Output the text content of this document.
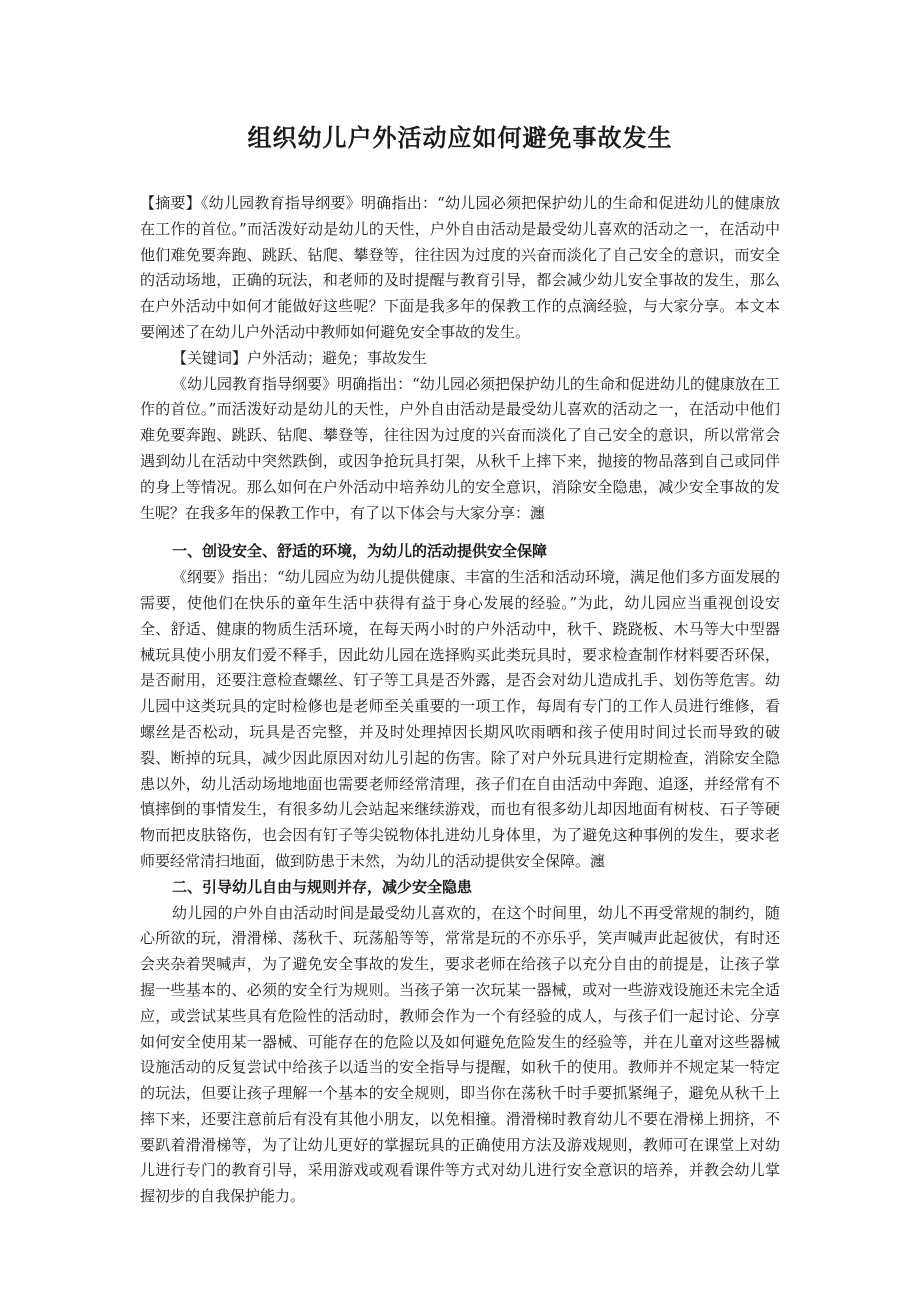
组织幼儿户外活动应如何避免事故发生

【摘要】《幼儿园教育指导纲要》明确指出：“幼儿园必须把保护幼儿的生命和促进幼儿的健康放在工作的首位。”而活泼好动是幼儿的天性，户外自由活动是最受幼儿喜欢的活动之一，在活动中他们难免要奔跑、跳跃、钻爬、攀登等，往往因为过度的兴奋而淡化了自己安全的意识，而安全的活动场地，正确的玩法，和老师的及时提醒与教育引导，都会减少幼儿安全事故的发生，那么在户外活动中如何才能做好这些呢？下面是我多年的保教工作的点滴经验，与大家分享。本文本要阐述了在幼儿户外活动中教师如何避免安全事故的发生。

【关键词】户外活动；避免；事故发生

《幼儿园教育指导纲要》明确指出：“幼儿园必须把保护幼儿的生命和促进幼儿的健康放在工作的首位。”而活泼好动是幼儿的天性，户外自由活动是最受幼儿喜欢的活动之一，在活动中他们难免要奔跑、跳跃、钻爬、攀登等，往往因为过度的兴奋而淡化了自己安全的意识，所以常常会遇到幼儿在活动中突然跌倒，或因争抢玩具打架，从秋千上摔下来，抛接的物品落到自己或同伴的身上等情况。那么如何在户外活动中培养幼儿的安全意识，消除安全隐患，减少安全事故的发生呢？在我多年的保教工作中，有了以下体会与大家分享：瀍

一、创设安全、舒适的环境，为幼儿的活动提供安全保障

《纲要》指出：“幼儿园应为幼儿提供健康、丰富的生活和活动环境，满足他们多方面发展的需要，使他们在快乐的童年生活中获得有益于身心发展的经验。”为此，幼儿园应当重视创设安全、舒适、健康的物质生活环境，在每天两小时的户外活动中，秋千、跷跷板、木马等大中型器械玩具使小朋友们爱不释手，因此幼儿园在选择购买此类玩具时，要求检查制作材料要否环保，是否耐用，还要注意检查螺丝、钉子等工具是否外露，是否会对幼儿造成扎手、划伤等危害。幼儿园中这类玩具的定时检修也是老师至关重要的一项工作，每周有专门的工作人员进行维修，看螺丝是否松动，玩具是否完整，并及时处理掉因长期风吹雨晒和孩子使用时间过长而导致的破裂、断掉的玩具，减少因此原因对幼儿引起的伤害。除了对户外玩具进行定期检查，消除安全隐患以外，幼儿活动场地地面也需要老师经常清理，孩子们在自由活动中奔跑、追逐，并经常有不慎摔倒的事情发生，有很多幼儿会站起来继续游戏，而也有很多幼儿却因地面有树枝、石子等硬物而把皮肤铬伤，也会因有钉子等尖锐物体扎进幼儿身体里，为了避免这种事例的发生，要求老师要经常清扫地面，做到防患于未然，为幼儿的活动提供安全保障。瀍

二、引导幼儿自由与规则并存，减少安全隐患

幼儿园的户外自由活动时间是最受幼儿喜欢的，在这个时间里，幼儿不再受常规的制约，随心所欲的玩，滑滑梯、荡秋千、玩荡船等等，常常是玩的不亦乐乎，笑声喊声此起彼伏，有时还会夹杂着哭喊声，为了避免安全事故的发生，要求老师在给孩子以充分自由的前提是，让孩子掌握一些基本的、必须的安全行为规则。当孩子第一次玩某一器械，或对一些游戏设施还未完全适应，或尝试某些具有危险性的活动时，教师会作为一个有经验的成人，与孩子们一起讨论、分享如何安全使用某一器械、可能存在的危险以及如何避免危险发生的经验等，并在儿童对这些器械设施活动的反复尝试中给孩子以适当的安全指导与提醒，如秋千的使用。教师并不规定某一特定的玩法，但要让孩子理解一个基本的安全规则，即当你在荡秋千时手要抓紧绳子，避免从秋千上摔下来，还要注意前后有没有其他小朋友，以免相撞。滑滑梯时教育幼儿不要在滑梯上拥挤，不要趴着滑滑梯等，为了让幼儿更好的掌握玩具的正确使用方法及游戏规则，教师可在课堂上对幼儿进行专门的教育引导，采用游戏或观看课件等方式对幼儿进行安全意识的培养，并教会幼儿掌握初步的自我保护能力。
